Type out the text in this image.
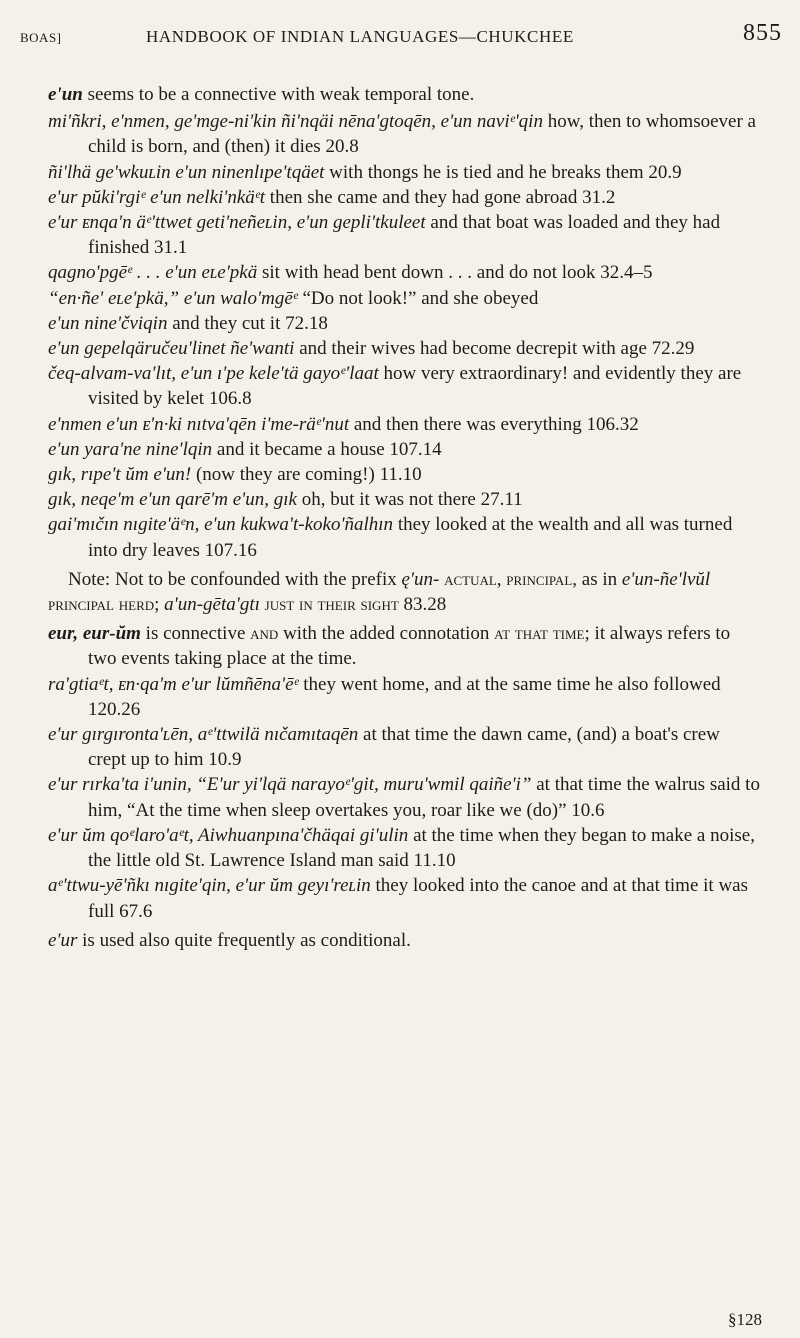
BOAS]	HANDBOOK OF INDIAN LANGUAGES—CHUKCHEE	855

e'un seems to be a connective with weak temporal tone.

mi'ñkri, e'nmen, ge'mge-ni'kin ñi'nqäi nēna'gtoqēn, e'un naviᵉ'qin how, then to whomsoever a child is born, and (then) it dies 20.8

ñi'lhä ge'wkuʟin e'un ninenlıpe'tqäet with thongs he is tied and he breaks them 20.9

e'ur pŭki'rgiᵉ e'un nelki'nkäᵉt then she came and they had gone abroad 31.2

e'ur ᴇnqa'n äᵉ'ttwet geti'neñeʟin, e'un gepli'tkuleet and that boat was loaded and they had finished 31.1

qagno'pgēᵉ . . . e'un eʟe'pkä sit with head bent down . . . and do not look 32.4–5

“en·ñe' eʟe'pkä,” e'un walo'mgēᵉ “Do not look!” and she obeyed

e'un nine'čviqin and they cut it 72.18

e'un gepelqäručeu'linet ñe'wanti and their wives had become decrepit with age 72.29

čeq-alvam-va'lıt, e'un ı'pe kele'tä gayoᵉ'laat how very extraordinary! and evidently they are visited by kelet 106.8

e'nmen e'un ᴇ'n·ki nıtva'qēn i'me-räᵉ'nut and then there was everything 106.32

e'un yara'ne nine'lqin and it became a house 107.14

gık, rıpe't ŭm e'un! (now they are coming!) 11.10

gık, neqe'm e'un qarē'm e'un, gık oh, but it was not there 27.11

gai'mıčın nıgite'äᵉn, e'un kukwa't-koko'ñalhın they looked at the wealth and all was turned into dry leaves 107.16

Note: Not to be confounded with the prefix ę'un- actual, principal, as in e'un-ñe'lvŭl principal herd; a'un-gēta'gtı just in their sight 83.28

eur, eur-ŭm is connective and with the added connotation at that time; it always refers to two events taking place at the time.

ra'gtiaᵉt, ᴇn·qa'm e'ur lŭmñēna'ēᵉ they went home, and at the same time he also followed 120.26

e'ur gırgıronta'ʟēn, aᵉ'ttwilä nıčamıtaqēn at that time the dawn came, (and) a boat's crew crept up to him 10.9

e'ur rırka'ta i'unin, “E'ur yi'lqä narayoᵉ'git, muru'wmil qaiñe'i” at that time the walrus said to him, “At the time when sleep overtakes you, roar like we (do)” 10.6

e'ur ŭm qoᵉlaro'aᵉt, Aiwhuanpına'čhäqai gi'ulin at the time when they began to make a noise, the little old St. Lawrence Island man said 11.10

aᵉ'ttwu-yē'ñkı nıgite'qin, e'ur ŭm geyı'reʟin they looked into the canoe and at that time it was full 67.6

e'ur is used also quite frequently as conditional.

§128
